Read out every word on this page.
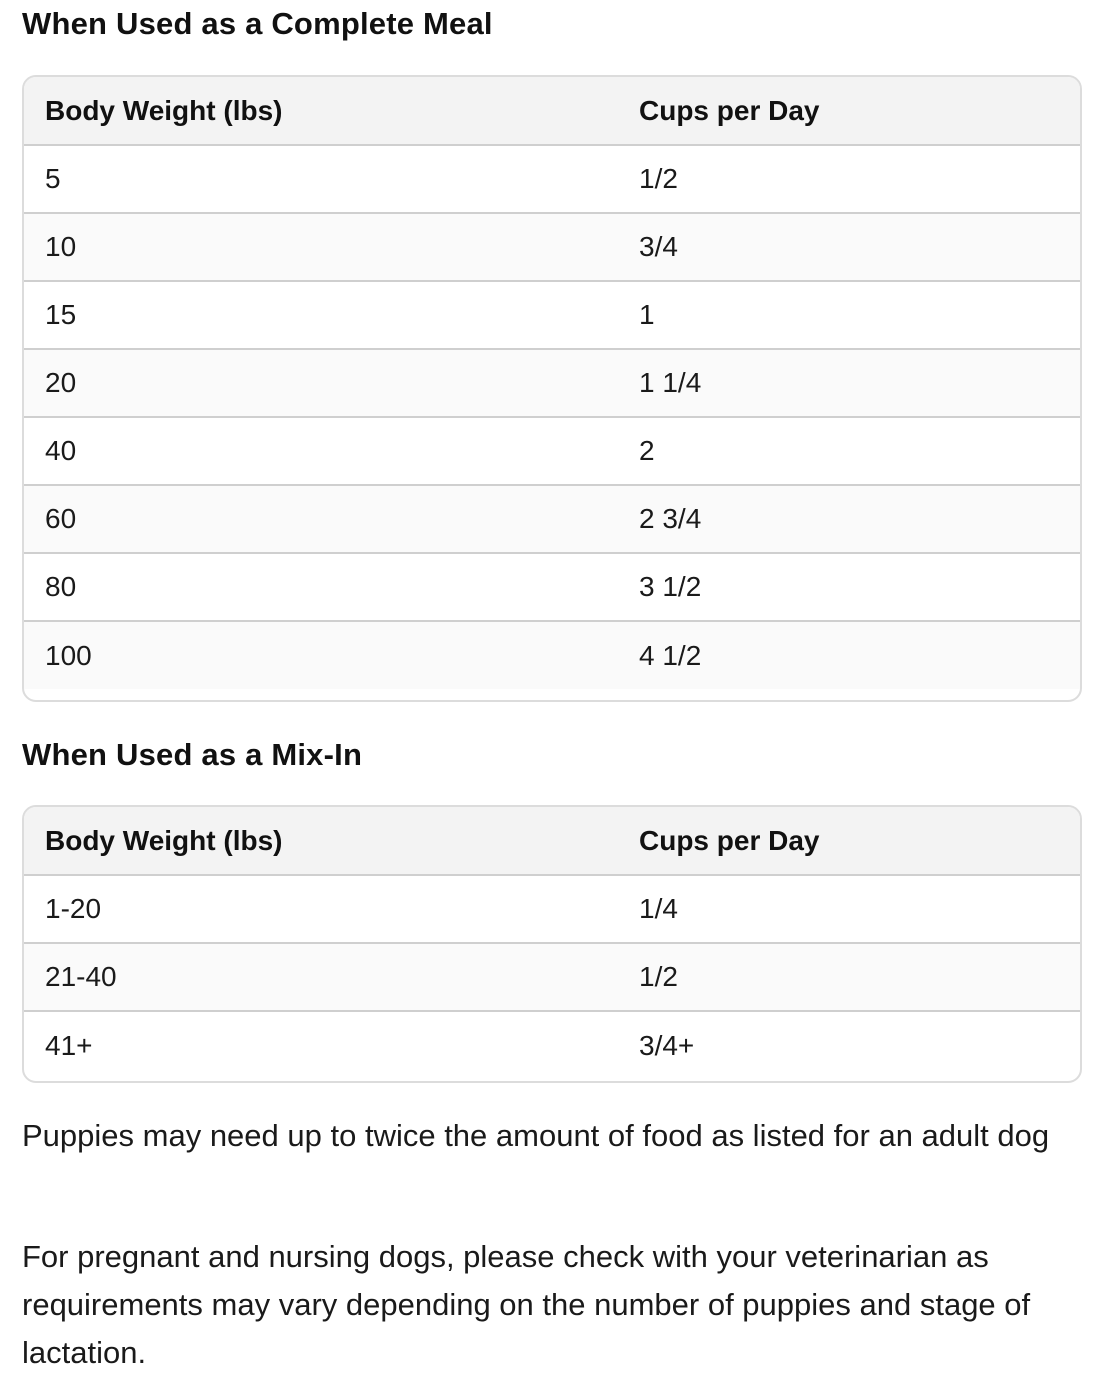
When Used as a Complete Meal
Body Weight (lbs)	Cups per Day
5	1/2
10	3/4
15	1
20	1 1/4
40	2
60	2 3/4
80	3 1/2
100	4 1/2
When Used as a Mix-In
Body Weight (lbs)	Cups per Day
1-20	1/4
21-40	1/2
41+	3/4+

Puppies may need up to twice the amount of food as listed for an adult dog

For pregnant and nursing dogs, please check with your veterinarian as requirements may vary depending on the number of puppies and stage of lactation.
